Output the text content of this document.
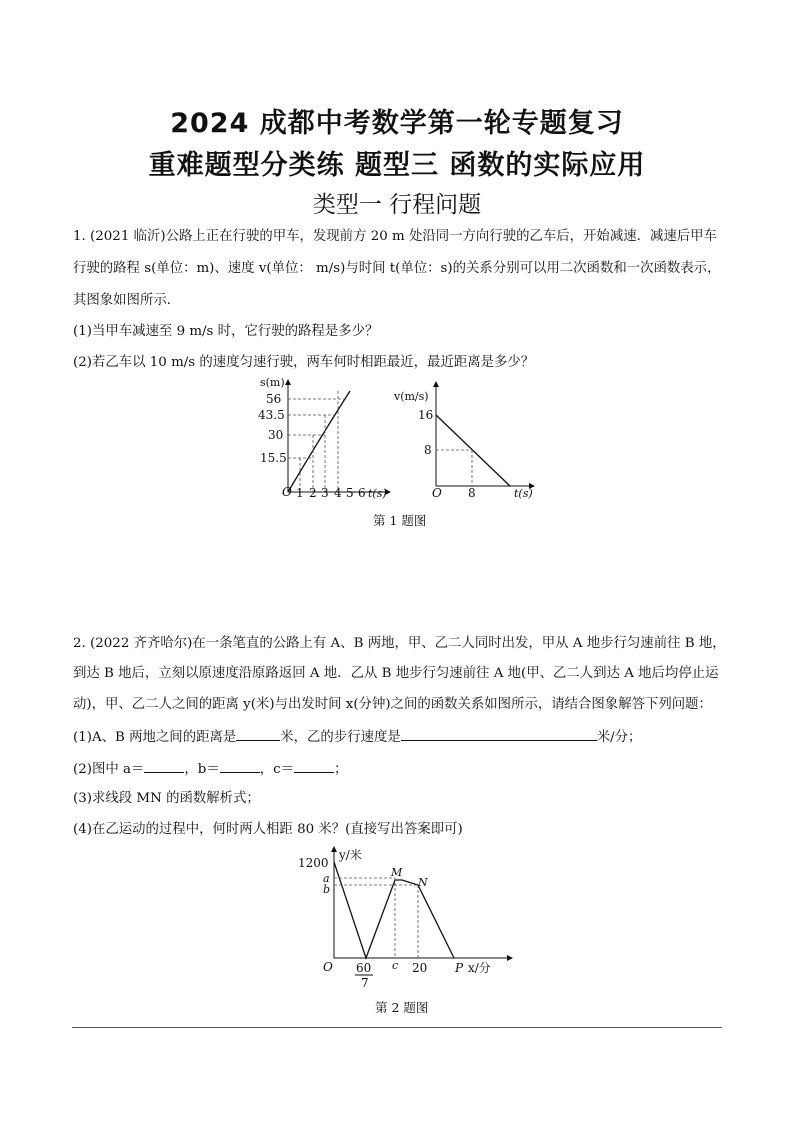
2024 成都中考数学第一轮专题复习
重难题型分类练 题型三 函数的实际应用
类型一 行程问题
1. (2021 临沂)公路上正在行驶的甲车，发现前方 20 m 处沿同一方向行驶的乙车后，开始减速．减速后甲车
行驶的路程 s(单位：m)、速度 v(单位： m/s)与时间 t(单位：s)的关系分别可以用二次函数和一次函数表示，
其图象如图所示．
(1)当甲车减速至 9 m/s 时，它行驶的路程是多少？
(2)若乙车以 10 m/s 的速度匀速行驶，两车何时相距最近，最近距离是多少？
s(m)
56
43.5
30
15.5
O 1 2 3 4 5 6 t(s)
v(m/s)
16
8
O 8	t(s)
第 1 题图
2. (2022 齐齐哈尔)在一条笔直的公路上有 A、B 两地，甲、乙二人同时出发，甲从 A 地步行匀速前往 B 地，
到达 B 地后，立刻以原速度沿原路返回 A 地．乙从 B 地步行匀速前往 A 地(甲、乙二人到达 A 地后均停止运
动)，甲、乙二人之间的距离 y(米)与出发时间 x(分钟)之间的函数关系如图所示，请结合图象解答下列问题：
(1)A、B 两地之间的距离是	米，乙的步行速度是	米/分；
(2)图中 a＝	，b＝	，c＝	；
(3)求线段 MN 的函数解析式；
(4)在乙运动的过程中，何时两人相距 80 米？(直接写出答案即可)
1200
y/米
a
b
M
N
O 60
7
c 20 P x/分
第 2 题图
